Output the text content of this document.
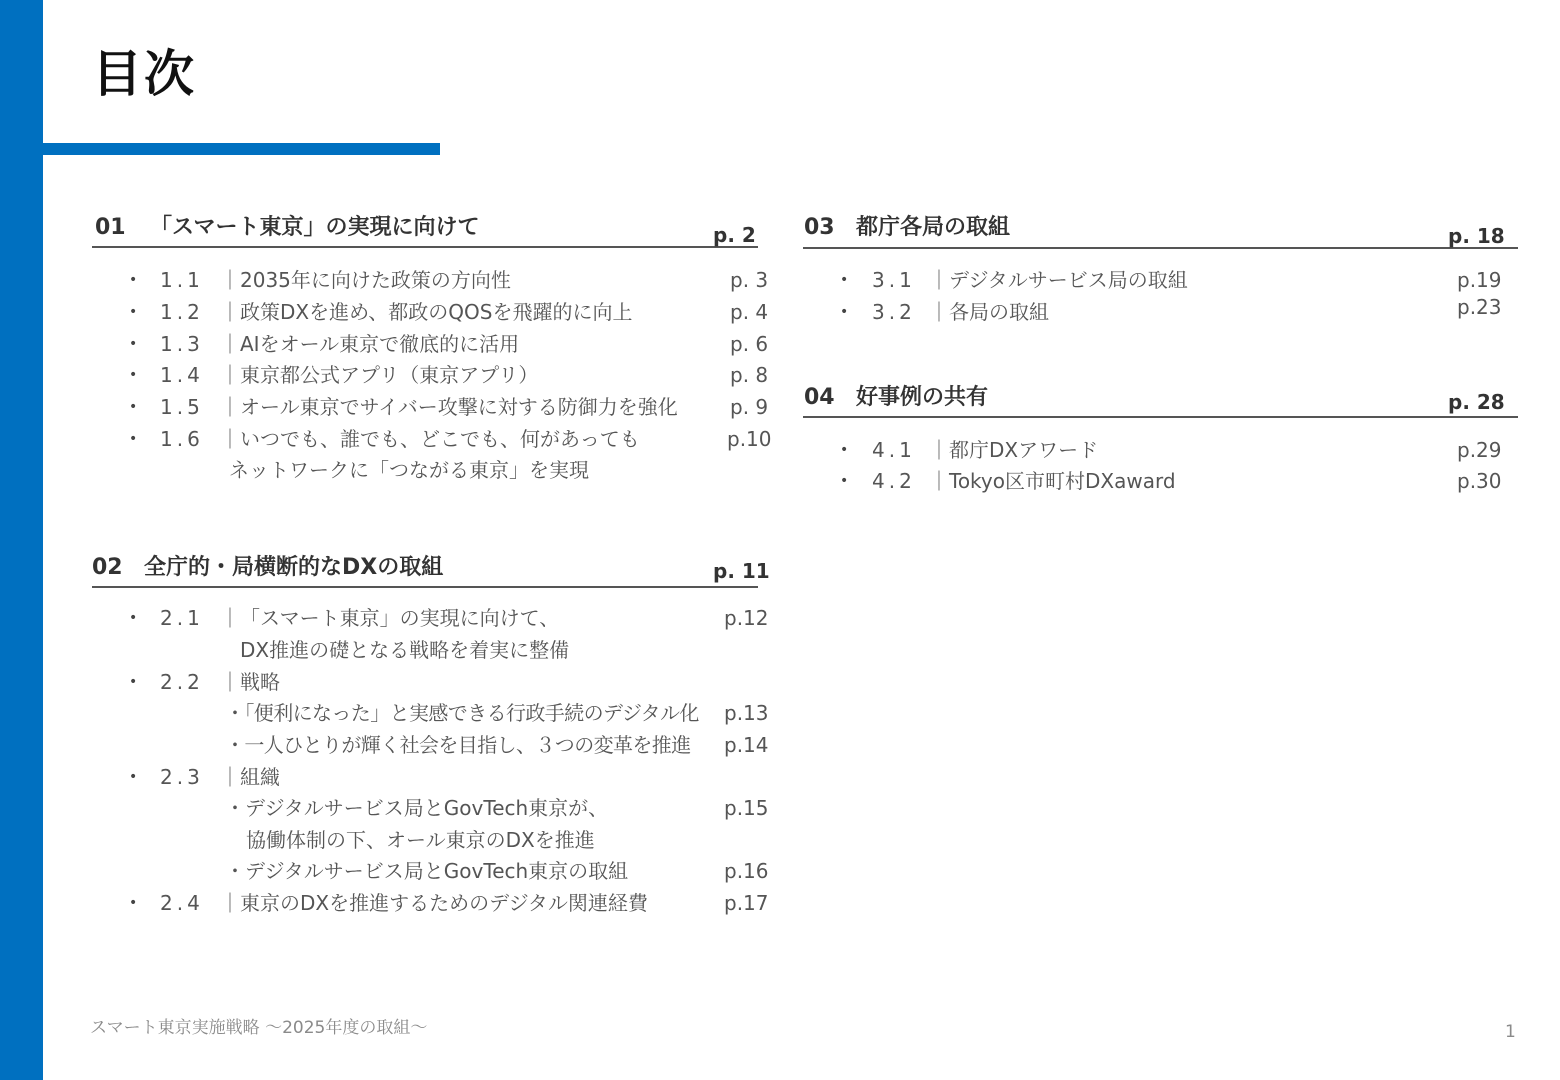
目次
01 「スマート東京」の実現に向けて	p. 2
• 1.1 ｜2035年に向けた政策の方向性	p. 3
• 1.2 ｜政策DXを進め、都政のQOSを飛躍的に向上	p. 4
• 1.3 ｜AIをオール東京で徹底的に活用	p. 6
• 1.4 ｜東京都公式アプリ（東京アプリ）	p. 8
• 1.5 ｜オール東京でサイバー攻撃に対する防御力を強化	p. 9
• 1.6 ｜いつでも、誰でも、どこでも、何があっても	p.10
ネットワークに「つながる東京」を実現
02 全庁的・局横断的なDXの取組	p. 11
• 2.1 ｜「スマート東京」の実現に向けて、	p.12
DX推進の礎となる戦略を着実に整備
• 2.2 ｜戦略
・「便利になった」と実感できる行政手続のデジタル化 p.13
・一人ひとりが輝く社会を目指し、３つの変革を推進 p.14
• 2.3 ｜組織
・デジタルサービス局とGovTech東京が、	p.15
協働体制の下、オール東京のDXを推進
・デジタルサービス局とGovTech東京の取組	p.16
• 2.4 ｜東京のDXを推進するためのデジタル関連経費	p.17
03 都庁各局の取組	p. 18
• 3.1 ｜デジタルサービス局の取組	p.19
• 3.2 ｜各局の取組	p.23
04 好事例の共有	p. 28
• 4.1 ｜都庁DXアワード	p.29
• 4.2 ｜Tokyo区市町村DXaward	p.30
スマート東京実施戦略 ～2025年度の取組～	1
